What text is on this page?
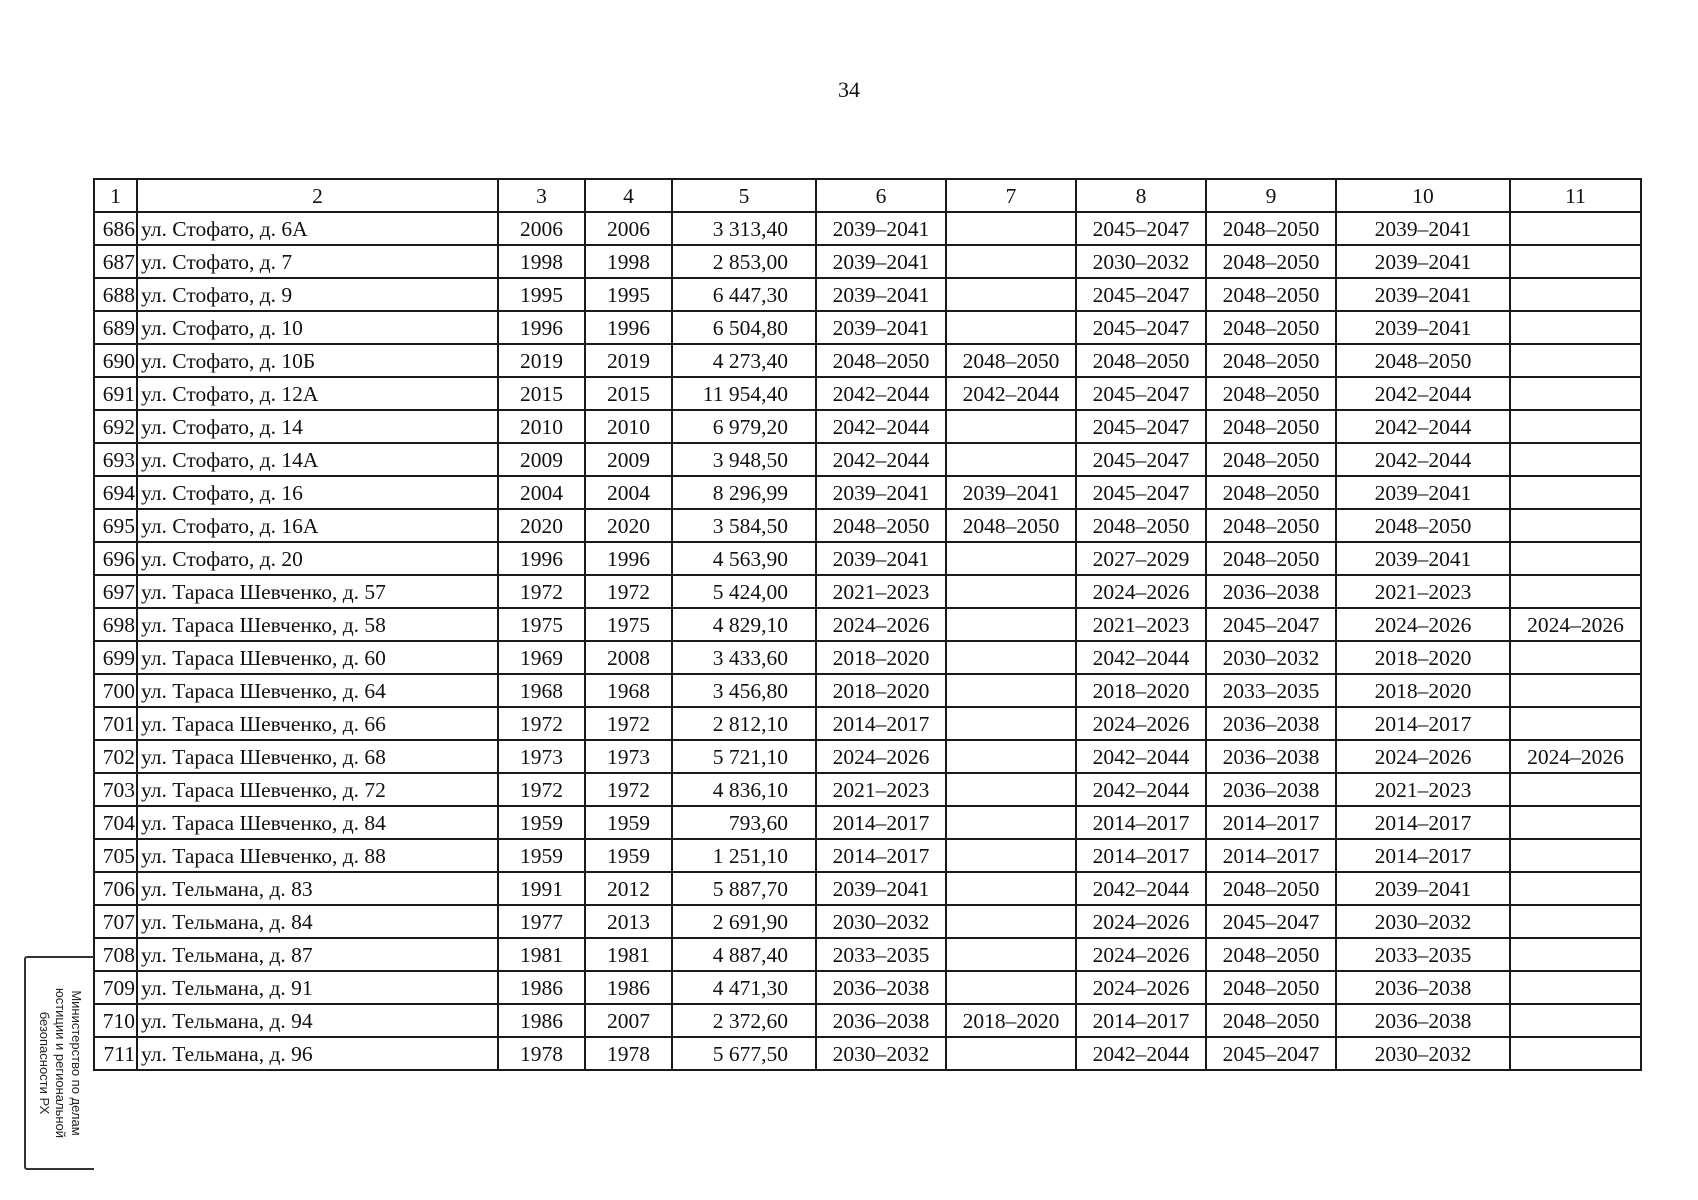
34
1	2	3	4	5	6	7	8	9	10	11
686	ул. Стофато, д. 6А	2006	2006	3 313,40	2039–2041		2045–2047	2048–2050	2039–2041	
687	ул. Стофато, д. 7	1998	1998	2 853,00	2039–2041		2030–2032	2048–2050	2039–2041	
688	ул. Стофато, д. 9	1995	1995	6 447,30	2039–2041		2045–2047	2048–2050	2039–2041	
689	ул. Стофато, д. 10	1996	1996	6 504,80	2039–2041		2045–2047	2048–2050	2039–2041	
690	ул. Стофато, д. 10Б	2019	2019	4 273,40	2048–2050	2048–2050	2048–2050	2048–2050	2048–2050	
691	ул. Стофато, д. 12А	2015	2015	11 954,40	2042–2044	2042–2044	2045–2047	2048–2050	2042–2044	
692	ул. Стофато, д. 14	2010	2010	6 979,20	2042–2044		2045–2047	2048–2050	2042–2044	
693	ул. Стофато, д. 14А	2009	2009	3 948,50	2042–2044		2045–2047	2048–2050	2042–2044	
694	ул. Стофато, д. 16	2004	2004	8 296,99	2039–2041	2039–2041	2045–2047	2048–2050	2039–2041	
695	ул. Стофато, д. 16А	2020	2020	3 584,50	2048–2050	2048–2050	2048–2050	2048–2050	2048–2050	
696	ул. Стофато, д. 20	1996	1996	4 563,90	2039–2041		2027–2029	2048–2050	2039–2041	
697	ул. Тараса Шевченко, д. 57	1972	1972	5 424,00	2021–2023		2024–2026	2036–2038	2021–2023	
698	ул. Тараса Шевченко, д. 58	1975	1975	4 829,10	2024–2026		2021–2023	2045–2047	2024–2026	2024–2026
699	ул. Тараса Шевченко, д. 60	1969	2008	3 433,60	2018–2020		2042–2044	2030–2032	2018–2020	
700	ул. Тараса Шевченко, д. 64	1968	1968	3 456,80	2018–2020		2018–2020	2033–2035	2018–2020	
701	ул. Тараса Шевченко, д. 66	1972	1972	2 812,10	2014–2017		2024–2026	2036–2038	2014–2017	
702	ул. Тараса Шевченко, д. 68	1973	1973	5 721,10	2024–2026		2042–2044	2036–2038	2024–2026	2024–2026
703	ул. Тараса Шевченко, д. 72	1972	1972	4 836,10	2021–2023		2042–2044	2036–2038	2021–2023	
704	ул. Тараса Шевченко, д. 84	1959	1959	793,60	2014–2017		2014–2017	2014–2017	2014–2017	
705	ул. Тараса Шевченко, д. 88	1959	1959	1 251,10	2014–2017		2014–2017	2014–2017	2014–2017	
706	ул. Тельмана, д. 83	1991	2012	5 887,70	2039–2041		2042–2044	2048–2050	2039–2041	
707	ул. Тельмана, д. 84	1977	2013	2 691,90	2030–2032		2024–2026	2045–2047	2030–2032	
708	ул. Тельмана, д. 87	1981	1981	4 887,40	2033–2035		2024–2026	2048–2050	2033–2035	
709	ул. Тельмана, д. 91	1986	1986	4 471,30	2036–2038		2024–2026	2048–2050	2036–2038	
710	ул. Тельмана, д. 94	1986	2007	2 372,60	2036–2038	2018–2020	2014–2017	2048–2050	2036–2038	
711	ул. Тельмана, д. 96	1978	1978	5 677,50	2030–2032		2042–2044	2045–2047	2030–2032	
Министерство по делам
юстиции и региональной
безопасности РХ
